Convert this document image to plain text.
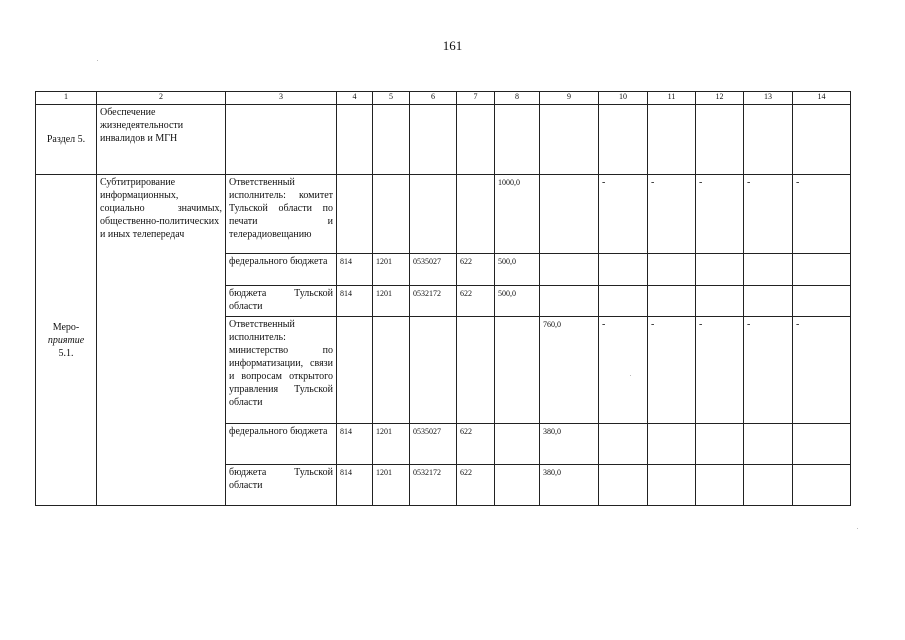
161
1	2	3	4	5	6	7	8	9	10	11	12	13	14
Раздел 5.	Обеспечение жизнедеятельности инвалидов и МГН												

Меро-
приятие
5.1.	Субтитрирование информационных, социально значимых, общественно-политических и иных телепередач	Ответственный исполнитель: комитет Тульской области по печати и телерадиовещанию					1000,0		-	-	-	-	-
		федерального бюджета	814	1201	0535027	622	500,0						
		бюджета Тульской области	814	1201	0532172	622	500,0						
		Ответственный исполнитель: министерство по информатизации, связи и вопросам открытого управления Тульской области						760,0	-	-	-	-	-
		федерального бюджета	814	1201	0535027	622		380,0					
		бюджета Тульской области	814	1201	0532172	622		380,0					
